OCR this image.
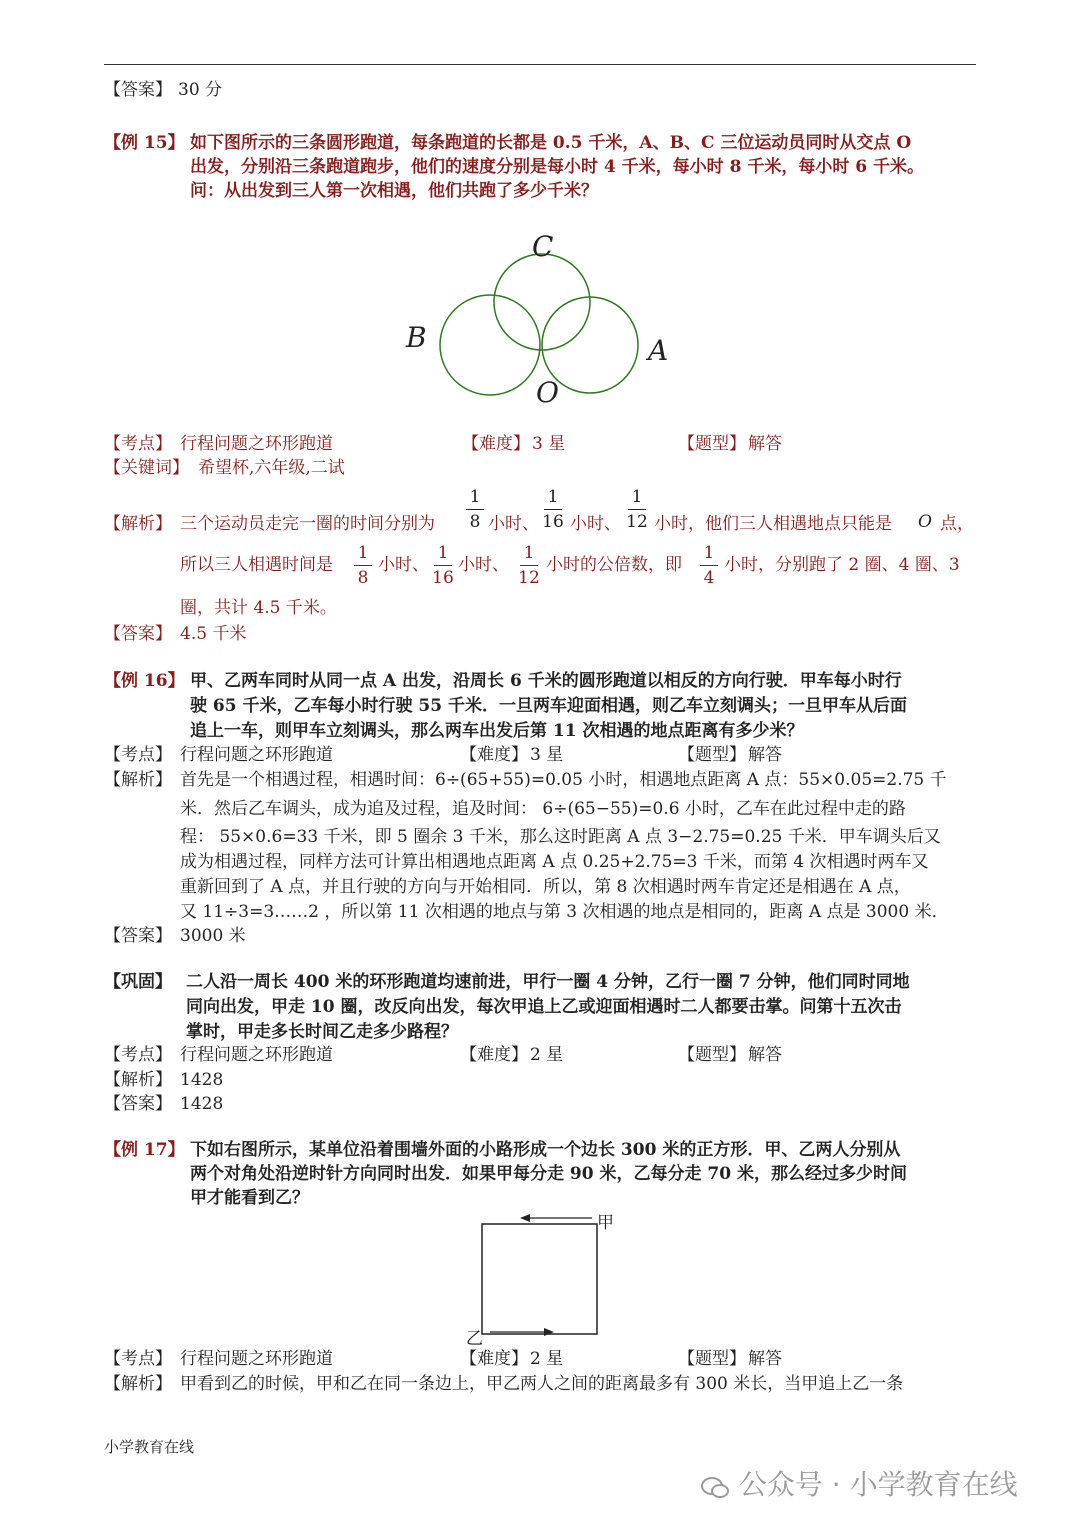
【答案】 30 分
【例 15】 如下图所示的三条圆形跑道，每条跑道的长都是 0.5 千米，A、B、C 三位运动员同时从交点 O
出发，分别沿三条跑道跑步，他们的速度分别是每小时 4 千米，每小时 8 千米，每小时 6 千米。
问：从出发到三人第一次相遇，他们共跑了多少千米？
C
B	A
O
【考点】 行程问题之环形跑道	【难度】 3 星	【题型】 解答
【关键词】 希望杯,六年级,二试
【解析】 三个运动员走完一圈的时间分别为
1
8 小时、
1
16 小时、
1
12 小时，他们三人相遇地点只能是 O 点，
所以三人相遇时间是
1
8
小时、
1
16
小时、
1
12
小时的公倍数，即
1
4
小时，分别跑了 2 圈、4 圈、3
圈，共计 4.5 千米。
【答案】 4.5 千米
【例 16】 甲、乙两车同时从同一点 A 出发，沿周长 6 千米的圆形跑道以相反的方向行驶．甲车每小时行
驶 65 千米，乙车每小时行驶 55 千米．一旦两车迎面相遇，则乙车立刻调头；一旦甲车从后面
追上一车，则甲车立刻调头，那么两车出发后第 11 次相遇的地点距离有多少米？
【考点】 行程问题之环形跑道	【难度】 3 星	【题型】 解答
【解析】 首先是一个相遇过程，相遇时间：6÷(65+55)=0.05 小时，相遇地点距离 A 点：55×0.05=2.75 千
米．然后乙车调头，成为追及过程，追及时间： 6÷(65−55)=0.6 小时，乙车在此过程中走的路
程： 55×0.6=33 千米，即 5 圈余 3 千米，那么这时距离 A 点 3−2.75=0.25 千米．甲车调头后又
成为相遇过程，同样方法可计算出相遇地点距离 A 点 0.25+2.75=3 千米，而第 4 次相遇时两车又
重新回到了 A 点，并且行驶的方向与开始相同．所以，第 8 次相遇时两车肯定还是相遇在 A 点，
又 11÷3=3……2 ，所以第 11 次相遇的地点与第 3 次相遇的地点是相同的，距离 A 点是 3000 米．
【答案】 3000 米
【巩固】 二人沿一周长 400 米的环形跑道均速前进，甲行一圈 4 分钟，乙行一圈 7 分钟，他们同时同地
同向出发，甲走 10 圈，改反向出发，每次甲追上乙或迎面相遇时二人都要击掌。问第十五次击
掌时，甲走多长时间乙走多少路程？
【考点】 行程问题之环形跑道	【难度】 2 星	【题型】 解答
【解析】 1428
【答案】 1428
【例 17】 下如右图所示，某单位沿着围墙外面的小路形成一个边长 300 米的正方形．甲、乙两人分别从
两个对角处沿逆时针方向同时出发．如果甲每分走 90 米，乙每分走 70 米，那么经过多少时间
甲才能看到乙？
甲
乙
【考点】 行程问题之环形跑道	【难度】 2 星	【题型】 解答
【解析】 甲看到乙的时候，甲和乙在同一条边上，甲乙两人之间的距离最多有 300 米长，当甲追上乙一条
小学教育在线
公众号 · 小学教育在线
